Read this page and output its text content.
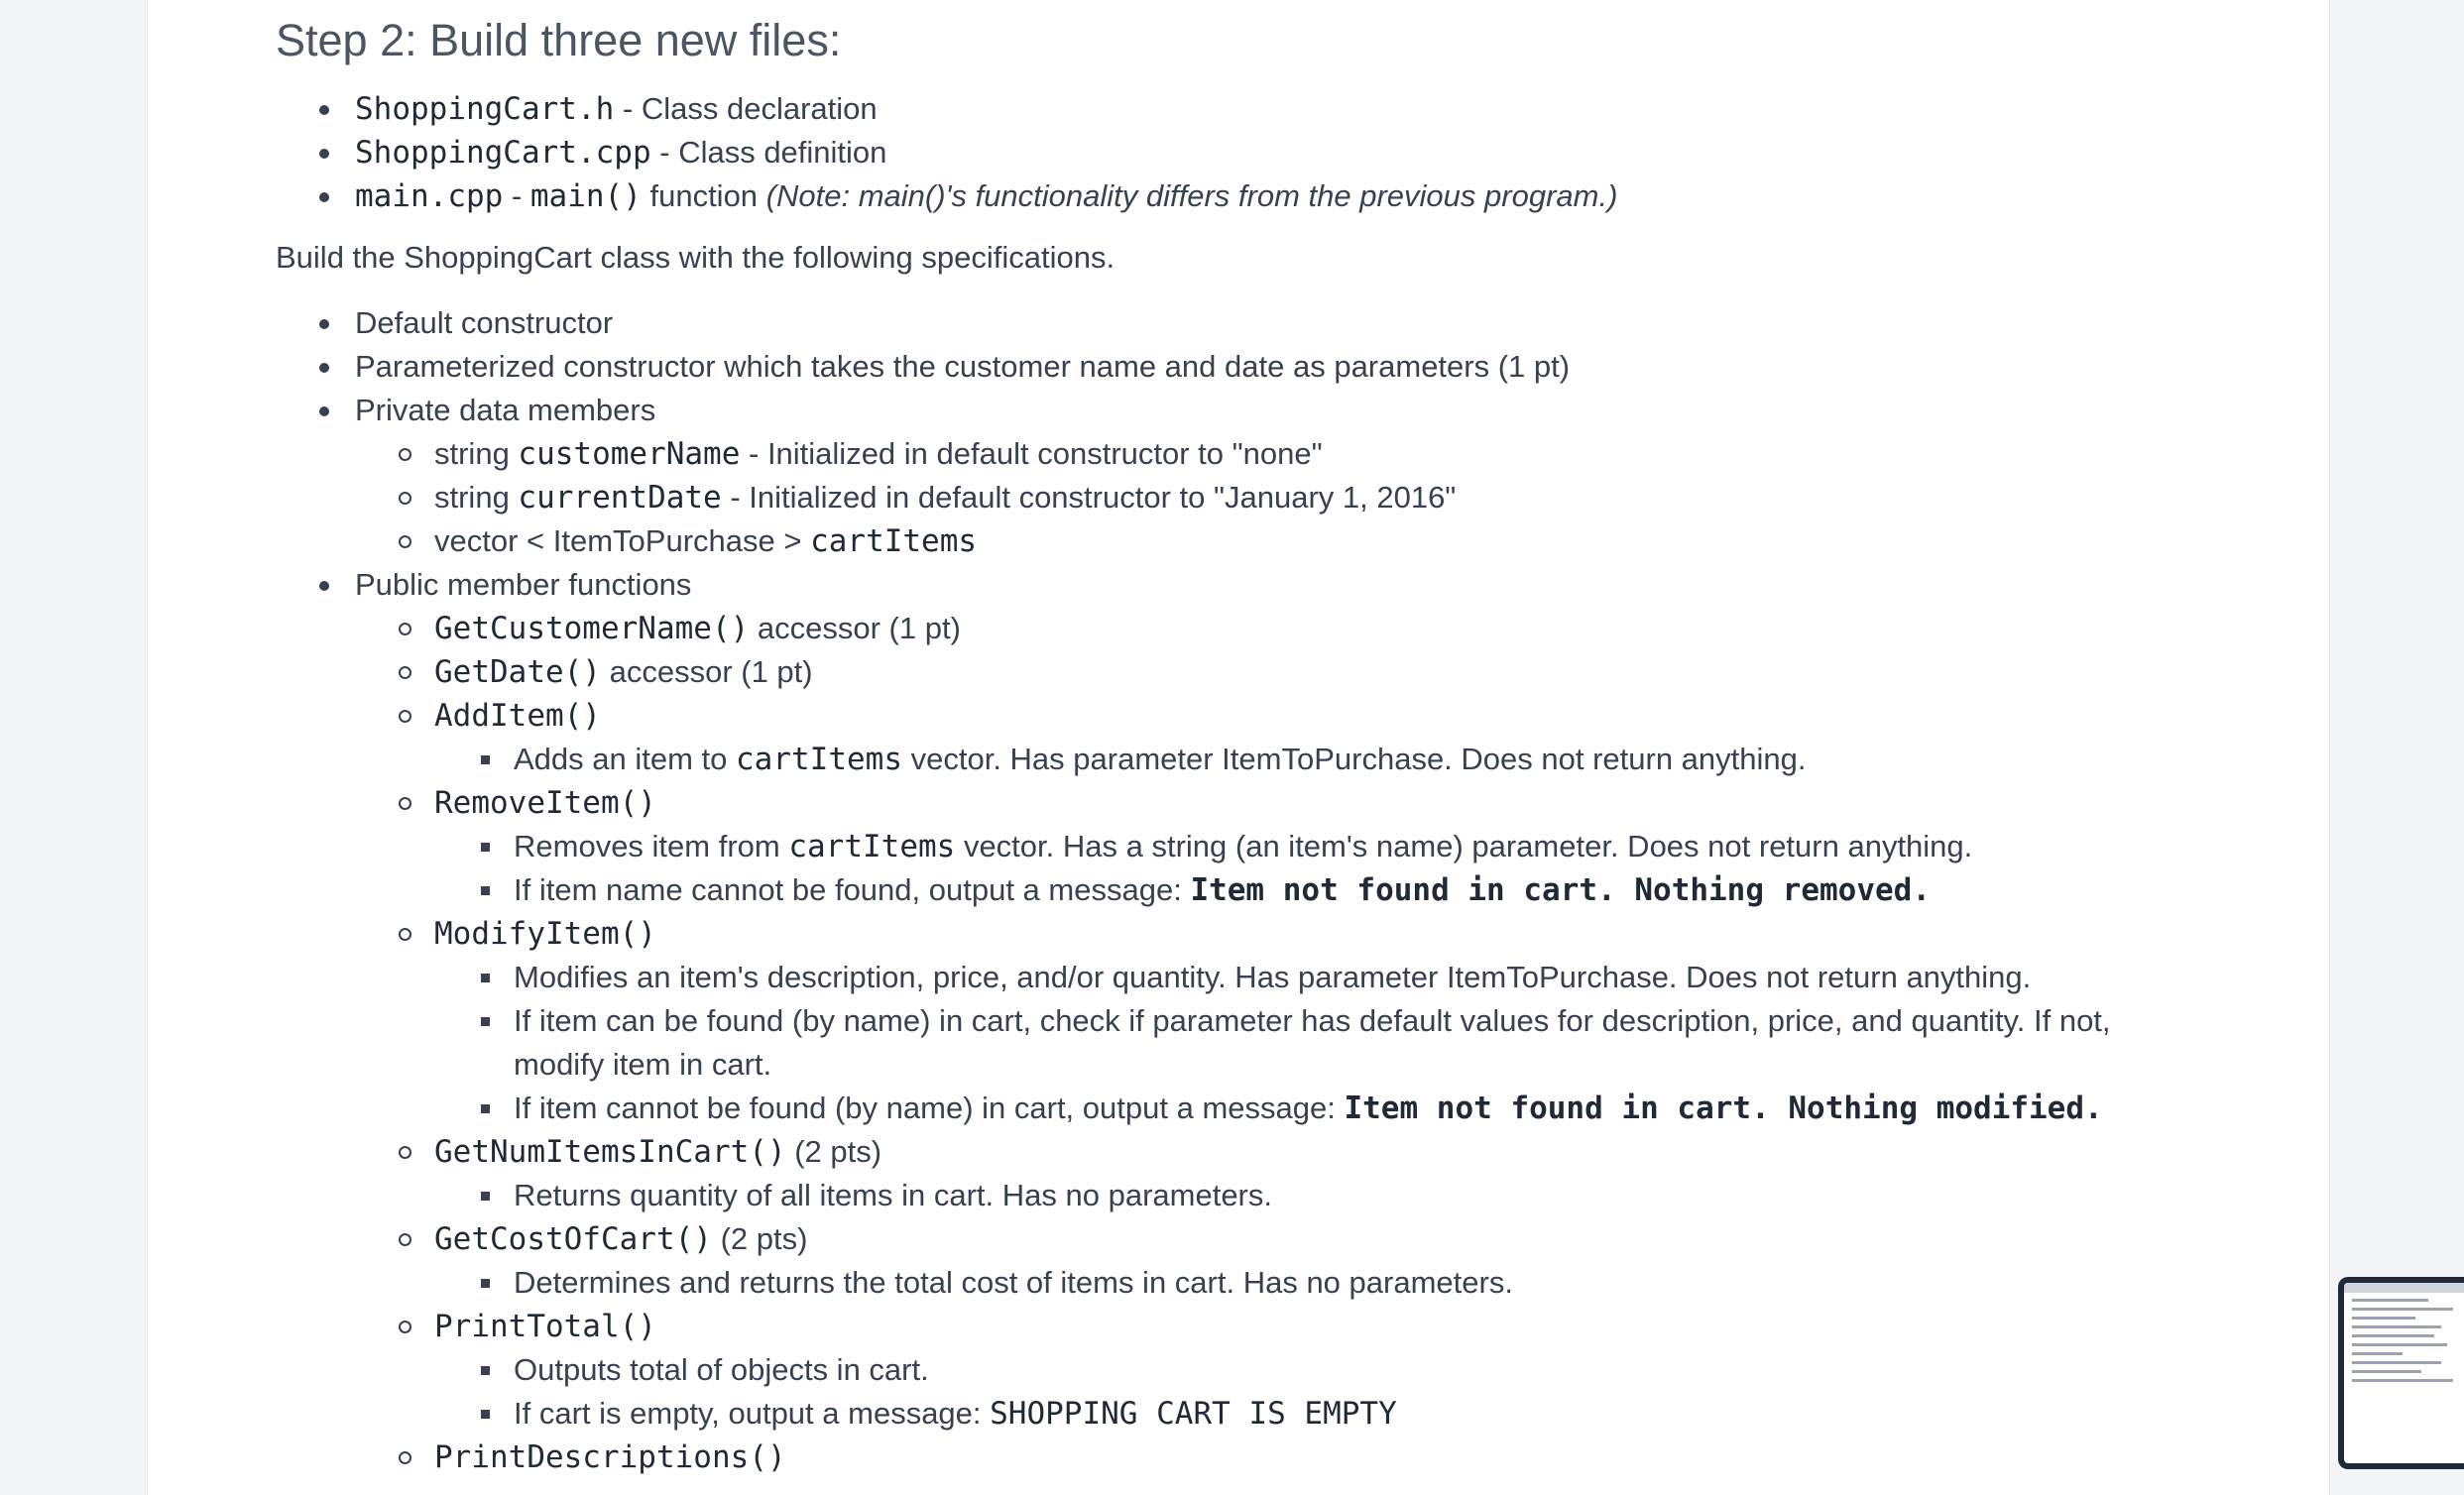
Step 2: Build three new files:
ShoppingCart.h - Class declaration
ShoppingCart.cpp - Class definition
main.cpp - main() function (Note: main()'s functionality differs from the previous program.)

Build the ShoppingCart class with the following specifications.

Default constructor
Parameterized constructor which takes the customer name and date as parameters (1 pt)
Private data members
string customerName - Initialized in default constructor to "none"
string currentDate - Initialized in default constructor to "January 1, 2016"
vector < ItemToPurchase > cartItems
Public member functions
GetCustomerName() accessor (1 pt)
GetDate() accessor (1 pt)
AddItem()
Adds an item to cartItems vector. Has parameter ItemToPurchase. Does not return anything.
RemoveItem()
Removes item from cartItems vector. Has a string (an item's name) parameter. Does not return anything.
If item name cannot be found, output a message: Item not found in cart. Nothing removed.
ModifyItem()
Modifies an item's description, price, and/or quantity. Has parameter ItemToPurchase. Does not return anything.
If item can be found (by name) in cart, check if parameter has default values for description, price, and quantity. If not, modify item in cart.
If item cannot be found (by name) in cart, output a message: Item not found in cart. Nothing modified.
GetNumItemsInCart() (2 pts)
Returns quantity of all items in cart. Has no parameters.
GetCostOfCart() (2 pts)
Determines and returns the total cost of items in cart. Has no parameters.
PrintTotal()
Outputs total of objects in cart.
If cart is empty, output a message: SHOPPING CART IS EMPTY
PrintDescriptions()
